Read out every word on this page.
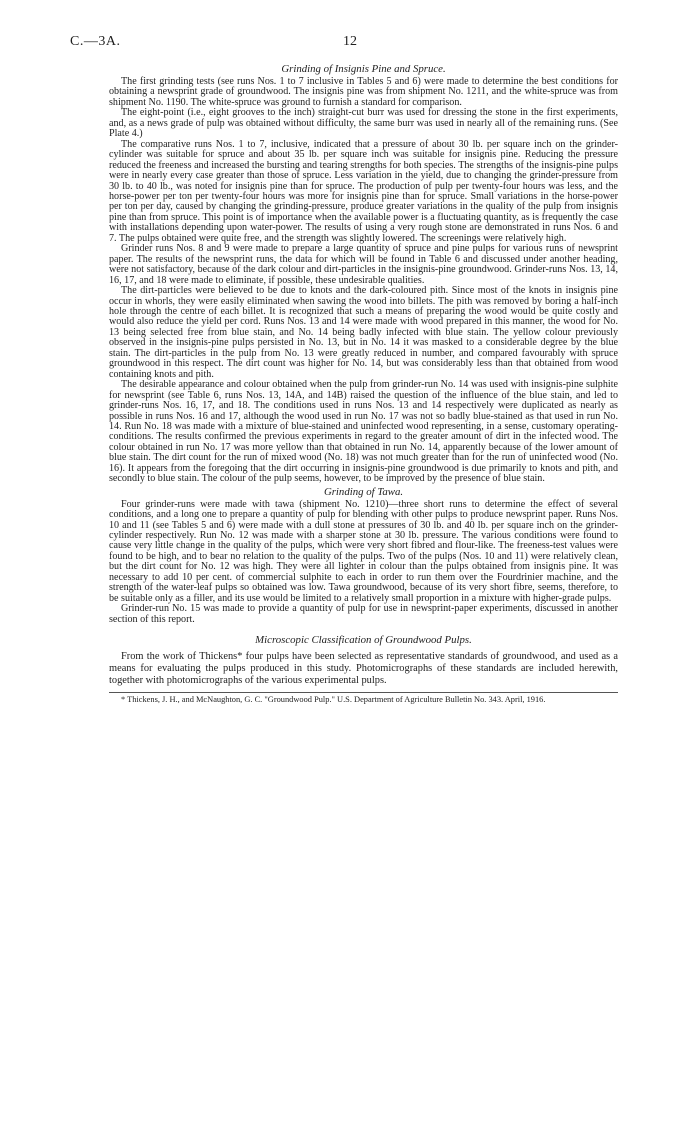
C.—3A.	12
Grinding of Insignis Pine and Spruce.

The first grinding tests (see runs Nos. 1 to 7 inclusive in Tables 5 and 6) were made to determine the best conditions for obtaining a newsprint grade of groundwood. The insignis pine was from shipment No. 1211, and the white-spruce was from shipment No. 1190. The white-spruce was ground to furnish a standard for comparison.

The eight-point (i.e., eight grooves to the inch) straight-cut burr was used for dressing the stone in the first experiments, and, as a news grade of pulp was obtained without difficulty, the same burr was used in nearly all of the remaining runs. (See Plate 4.)

The comparative runs Nos. 1 to 7, inclusive, indicated that a pressure of about 30 lb. per square inch on the grinder-cylinder was suitable for spruce and about 35 lb. per square inch was suitable for insignis pine. Reducing the pressure reduced the freeness and increased the bursting and tearing strengths for both species. The strengths of the insignis-pine pulps were in nearly every case greater than those of spruce. Less variation in the yield, due to changing the grinder-pressure from 30 lb. to 40 lb., was noted for insignis pine than for spruce. The production of pulp per twenty-four hours was less, and the horse-power per ton per twenty-four hours was more for insignis pine than for spruce. Small variations in the horse-power per ton per day, caused by changing the grinding-pressure, produce greater variations in the quality of the pulp from insignis pine than from spruce. This point is of importance when the available power is a fluctuating quantity, as is frequently the case with installations depending upon water-power. The results of using a very rough stone are demonstrated in runs Nos. 6 and 7. The pulps obtained were quite free, and the strength was slightly lowered. The screenings were relatively high.

Grinder runs Nos. 8 and 9 were made to prepare a large quantity of spruce and pine pulps for various runs of newsprint paper. The results of the newsprint runs, the data for which will be found in Table 6 and discussed under another heading, were not satisfactory, because of the dark colour and dirt-particles in the insignis-pine groundwood. Grinder-runs Nos. 13, 14, 16, 17, and 18 were made to eliminate, if possible, these undesirable qualities.

The dirt-particles were believed to be due to knots and the dark-coloured pith. Since most of the knots in insignis pine occur in whorls, they were easily eliminated when sawing the wood into billets. The pith was removed by boring a half-inch hole through the centre of each billet. It is recognized that such a means of preparing the wood would be quite costly and would also reduce the yield per cord. Runs Nos. 13 and 14 were made with wood prepared in this manner, the wood for No. 13 being selected free from blue stain, and No. 14 being badly infected with blue stain. The yellow colour previously observed in the insignis-pine pulps persisted in No. 13, but in No. 14 it was masked to a considerable degree by the blue stain. The dirt-particles in the pulp from No. 13 were greatly reduced in number, and compared favourably with spruce groundwood in this respect. The dirt count was higher for No. 14, but was considerably less than that obtained from wood containing knots and pith.

The desirable appearance and colour obtained when the pulp from grinder-run No. 14 was used with insignis-pine sulphite for newsprint (see Table 6, runs Nos. 13, 14A, and 14B) raised the question of the influence of the blue stain, and led to grinder-runs Nos. 16, 17, and 18. The conditions used in runs Nos. 13 and 14 respectively were duplicated as nearly as possible in runs Nos. 16 and 17, although the wood used in run No. 17 was not so badly blue-stained as that used in run No. 14. Run No. 18 was made with a mixture of blue-stained and uninfected wood representing, in a sense, customary operating-conditions. The results confirmed the previous experiments in regard to the greater amount of dirt in the infected wood. The colour obtained in run No. 17 was more yellow than that obtained in run No. 14, apparently because of the lower amount of blue stain. The dirt count for the run of mixed wood (No. 18) was not much greater than for the run of uninfected wood (No. 16). It appears from the foregoing that the dirt occurring in insignis-pine groundwood is due primarily to knots and pith, and secondly to blue stain. The colour of the pulp seems, however, to be improved by the presence of blue stain.

Grinding of Tawa.

Four grinder-runs were made with tawa (shipment No. 1210)—three short runs to determine the effect of several conditions, and a long one to prepare a quantity of pulp for blending with other pulps to produce newsprint paper. Runs Nos. 10 and 11 (see Tables 5 and 6) were made with a dull stone at pressures of 30 lb. and 40 lb. per square inch on the grinder-cylinder respectively. Run No. 12 was made with a sharper stone at 30 lb. pressure. The various conditions were found to cause very little change in the quality of the pulps, which were very short fibred and flour-like. The freeness-test values were found to be high, and to bear no relation to the quality of the pulps. Two of the pulps (Nos. 10 and 11) were relatively clean, but the dirt count for No. 12 was high. They were all lighter in colour than the pulps obtained from insignis pine. It was necessary to add 10 per cent. of commercial sulphite to each in order to run them over the Fourdrinier machine, and the strength of the water-leaf pulps so obtained was low. Tawa groundwood, because of its very short fibre, seems, therefore, to be suitable only as a filler, and its use would be limited to a relatively small proportion in a mixture with higher-grade pulps.

Grinder-run No. 15 was made to provide a quantity of pulp for use in newsprint-paper experiments, discussed in another section of this report.

Microscopic Classification of Groundwood Pulps.

From the work of Thickens* four pulps have been selected as representative standards of groundwood, and used as a means for evaluating the pulps produced in this study. Photomicrographs of these standards are included herewith, together with photomicrographs of the various experimental pulps.

* Thickens, J. H., and McNaughton, G. C. "Groundwood Pulp." U.S. Department of Agriculture Bulletin No. 343. April, 1916.
